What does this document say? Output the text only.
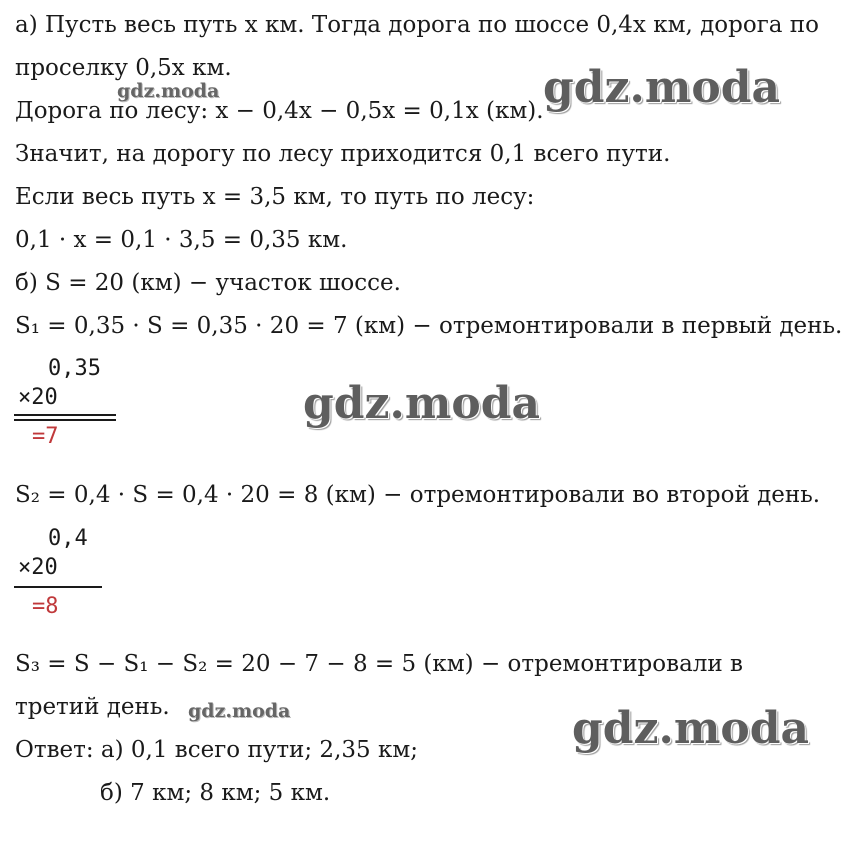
а) Пусть весь путь x км. Тогда дорога по шоссе 0,4x км, дорога по
проселку 0,5x км.
Дорога по лесу: x − 0,4x − 0,5x = 0,1x (км).
Значит, на дорогу по лесу приходится 0,1 всего пути.
Если весь путь x = 3,5 км, то путь по лесу:
0,1 · x = 0,1 · 3,5 = 0,35 км.
б) S = 20 (км) − участок шоссе.
S₁ = 0,35 · S = 0,35 · 20 = 7 (км) − отремонтировали в первый день.
0,35
×20
=7
S₂ = 0,4 · S = 0,4 · 20 = 8 (км) − отремонтировали во второй день.
0,4
×20
=8
S₃ = S − S₁ − S₂ = 20 − 7 − 8 = 5 (км) − отремонтировали в
третий день.
Ответ: а) 0,1 всего пути; 2,35 км;
б) 7 км; 8 км; 5 км.
gdz.moda
gdz.moda
gdz.moda
gdz.moda	gdz.moda
